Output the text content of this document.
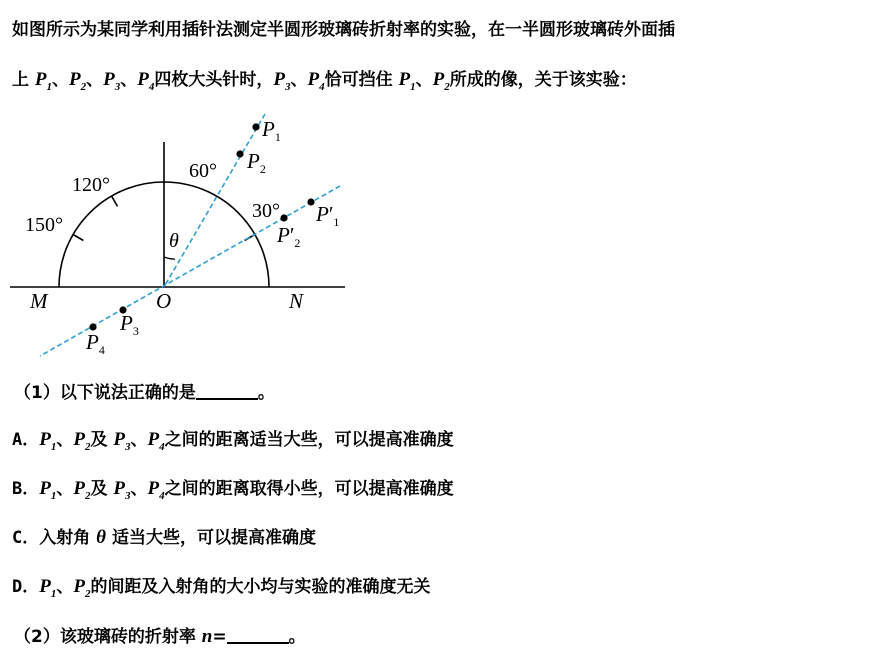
如图所示为某同学利用插针法测定半圆形玻璃砖折射率的实验，在一半圆形玻璃砖外面插
上 $P_1$、$P_2$、$P_3$、$P_4$四枚大头针时，$P_3$、$P_4$恰可挡住 $P_1$、$P_2$所成的像，关于该实验：
M	O	N
θ
60°
120°
150°
30°
$P_1$
$P_2$
$P'_1$
$P'_2$
$P_3$
$P_4$
（1）以下说法正确的是	。
A．$P_1$、$P_2$及 $P_3$、$P_4$之间的距离适当大些，可以提高准确度
B．$P_1$、$P_2$及 $P_3$、$P_4$之间的距离取得小些，可以提高准确度
C．入射角 θ 适当大些，可以提高准确度
D．$P_1$、$P_2$的间距及入射角的大小均与实验的准确度无关
（2）该玻璃砖的折射率 n=	。
